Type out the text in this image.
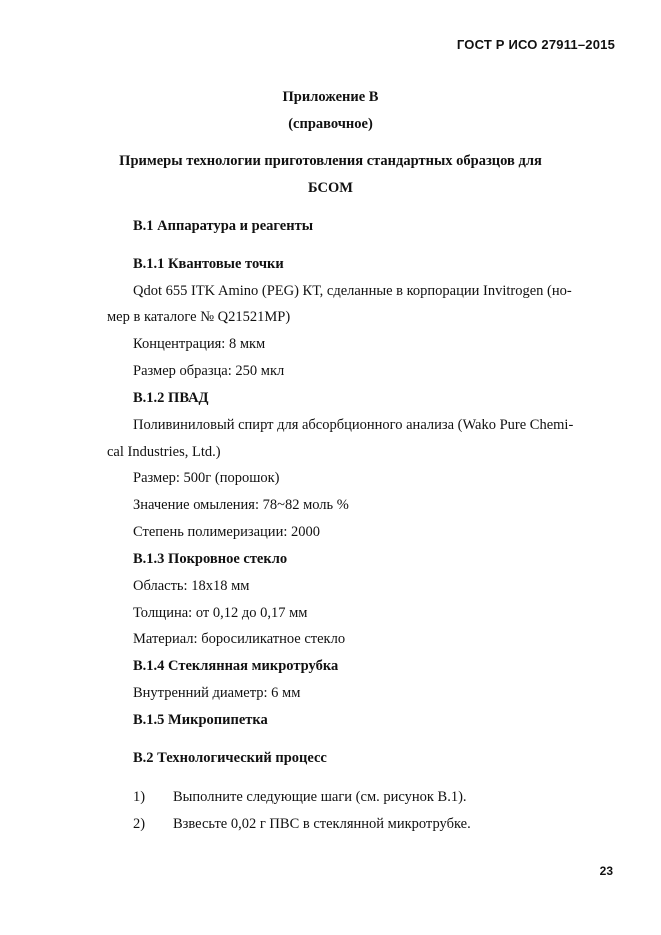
ГОСТ Р ИСО 27911–2015
Приложение В
(справочное)
Примеры технологии приготовления стандартных образцов для
БСОМ
B.1 Аппаратура и реагенты
B.1.1 Квантовые точки
Qdot 655 ITK Amino (PEG) КТ, сделанные в корпорации Invitrogen (но-
мер в каталоге № Q21521MP)
Концентрация: 8 мкм
Размер образца: 250 мкл
B.1.2 ПВАД
Поливиниловый спирт для абсорбционного анализа (Wako Pure Chemi-
cal Industries, Ltd.)
Размер: 500г (порошок)
Значение омыления: 78~82 моль %
Степень полимеризации: 2000
B.1.3 Покровное стекло
Область: 18x18 мм
Толщина: от 0,12 до 0,17 мм
Материал: боросиликатное стекло
B.1.4 Стеклянная микротрубка
Внутренний диаметр: 6 мм
B.1.5 Микропипетка
B.2 Технологический процесс
1) Выполните следующие шаги (см. рисунок B.1).
2) Взвесьте 0,02 г ПВС в стеклянной микротрубке.
23
